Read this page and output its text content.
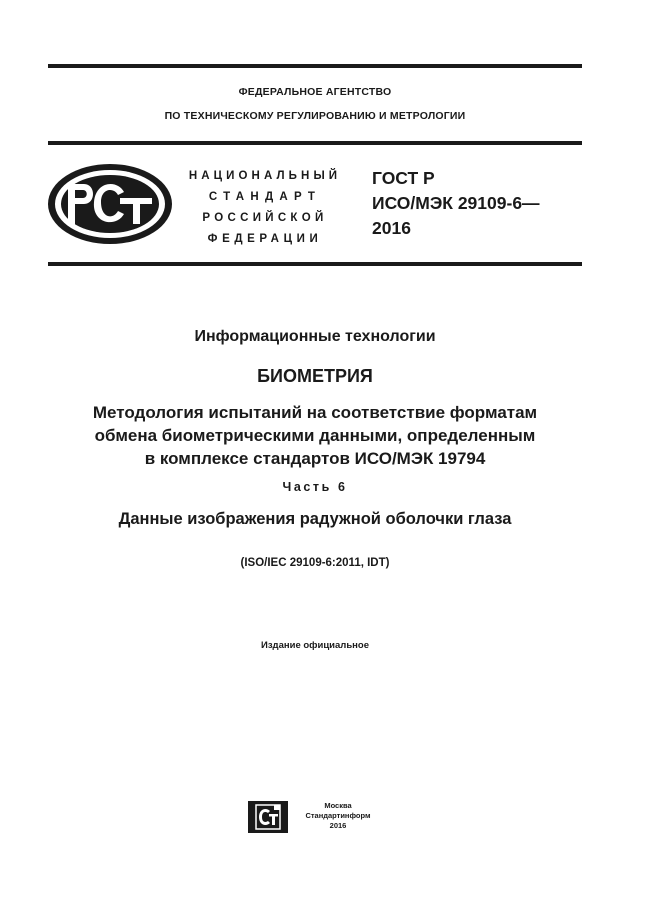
ФЕДЕРАЛЬНОЕ АГЕНТСТВО
ПО ТЕХНИЧЕСКОМУ РЕГУЛИРОВАНИЮ И МЕТРОЛОГИИ
НАЦИОНАЛЬНЫЙ
СТАНДАРТ
РОССИЙСКОЙ
ФЕДЕРАЦИИ
ГОСТ Р
ИСО/МЭК 29109-6—
2016
Информационные технологии
БИОМЕТРИЯ
Методология испытаний на соответствие форматам
обмена биометрическими данными, определенным
в комплексе стандартов ИСО/МЭК 19794
Часть 6
Данные изображения радужной оболочки глаза
(ISO/IEC 29109-6:2011, IDT)
Издание официальное
Москва
Стандартинформ
2016
